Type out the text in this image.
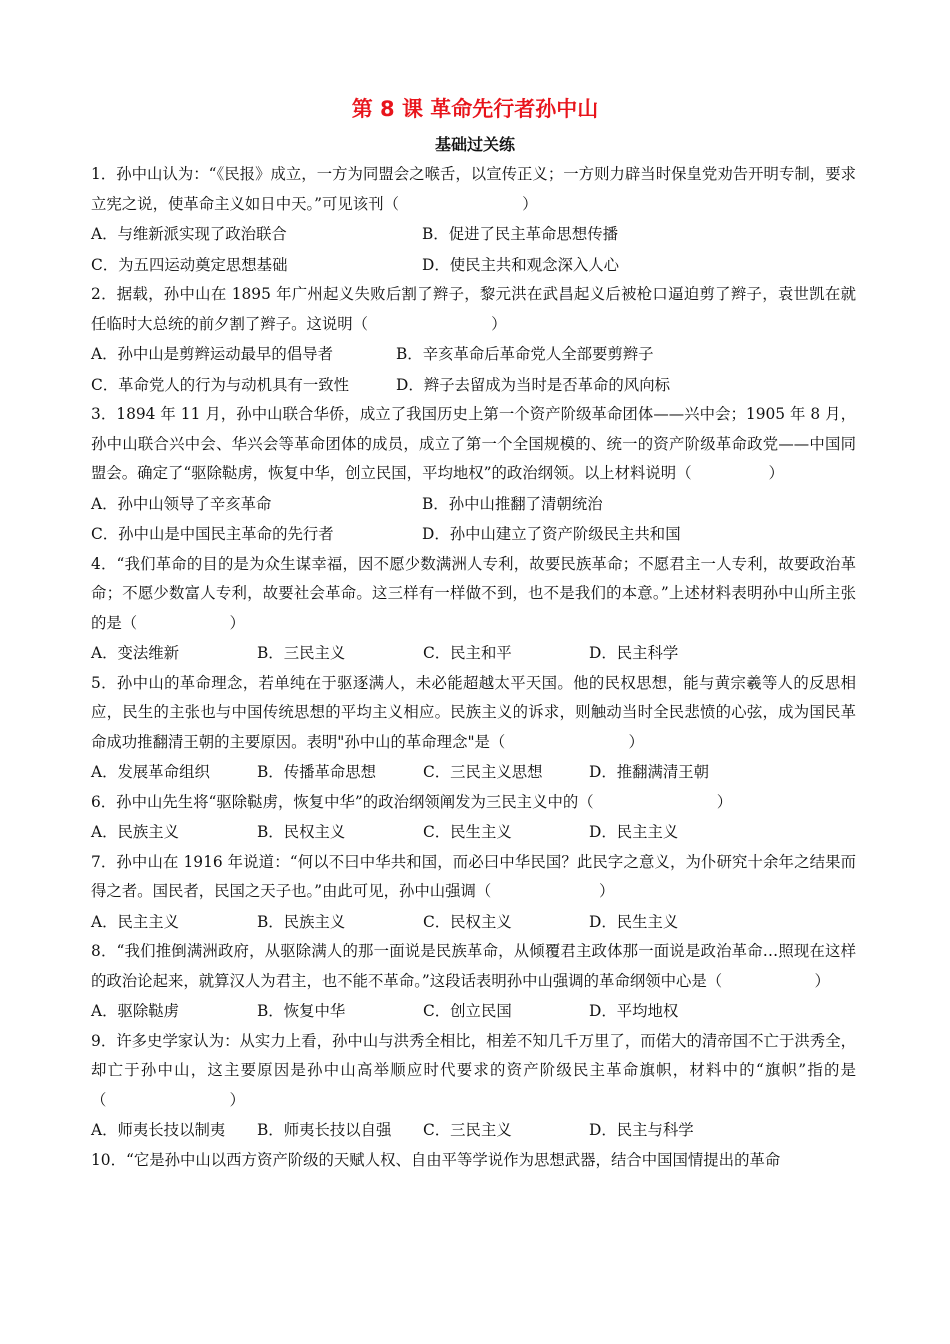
第 8 课 革命先行者孙中山
基础过关练

1．孙中山认为：“《民报》成立，一方为同盟会之喉舌，以宣传正义；一方则力辟当时保皇党劝告开明专制，要求立宪之说，使革命主义如日中天。”可见该刊（　　　　　　　　）

A．与维新派实现了政治联合	B．促进了民主革命思想传播
C．为五四运动奠定思想基础	D．使民主共和观念深入人心

2．据载，孙中山在 1895 年广州起义失败后割了辫子，黎元洪在武昌起义后被枪口逼迫剪了辫子，袁世凯在就任临时大总统的前夕割了辫子。这说明（　　　　　　　　）

A．孙中山是剪辫运动最早的倡导者	B．辛亥革命后革命党人全部要剪辫子
C．革命党人的行为与动机具有一致性	D．辫子去留成为当时是否革命的风向标

3．1894 年 11 月，孙中山联合华侨，成立了我国历史上第一个资产阶级革命团体——兴中会；1905 年 8 月，孙中山联合兴中会、华兴会等革命团体的成员，成立了第一个全国规模的、统一的资产阶级革命政党——中国同盟会。确定了“驱除鞑虏，恢复中华，创立民国，平均地权”的政治纲领。以上材料说明（　　　　　）

A．孙中山领导了辛亥革命	B．孙中山推翻了清朝统治
C．孙中山是中国民主革命的先行者	D．孙中山建立了资产阶级民主共和国

4．“我们革命的目的是为众生谋幸福，因不愿少数满洲人专利，故要民族革命；不愿君主一人专利，故要政治革命；不愿少数富人专利，故要社会革命。这三样有一样做不到，也不是我们的本意。”上述材料表明孙中山所主张的是（　　　　　　）

A．变法维新	B．三民主义	C．民主和平	D．民主科学

5．孙中山的革命理念，若单纯在于驱逐满人，未必能超越太平天国。他的民权思想，能与黄宗羲等人的反思相应，民生的主张也与中国传统思想的平均主义相应。民族主义的诉求，则触动当时全民悲愤的心弦，成为国民革命成功推翻清王朝的主要原因。表明"孙中山的革命理念"是（　　　　　　　　）

A．发展革命组织	B．传播革命思想	C．三民主义思想	D．推翻满清王朝

6．孙中山先生将“驱除鞑虏，恢复中华”的政治纲领阐发为三民主义中的（　　　　　　　　）

A．民族主义	B．民权主义	C．民生主义	D．民主主义

7．孙中山在 1916 年说道：“何以不曰中华共和国，而必曰中华民国？此民字之意义，为仆研究十余年之结果而得之者。国民者，民国之天子也。”由此可见，孙中山强调（　　　　　　　）

A．民主主义	B．民族主义	C．民权主义	D．民生主义

8．“我们推倒满洲政府，从驱除满人的那一面说是民族革命，从倾覆君主政体那一面说是政治革命…照现在这样的政治论起来，就算汉人为君主，也不能不革命。”这段话表明孙中山强调的革命纲领中心是（　　　　　　）

A．驱除鞑虏	B．恢复中华	C．创立民国	D．平均地权

9．许多史学家认为：从实力上看，孙中山与洪秀全相比，相差不知几千万里了，而偌大的清帝国不亡于洪秀全，却亡于孙中山，这主要原因是孙中山高举顺应时代要求的资产阶级民主革命旗帜，材料中的“旗帜”指的是（　　　　　　　　）

A．师夷长技以制夷	B．师夷长技以自强	C．三民主义	D．民主与科学

10．“它是孙中山以西方资产阶级的天赋人权、自由平等学说作为思想武器，结合中国国情提出的革命
